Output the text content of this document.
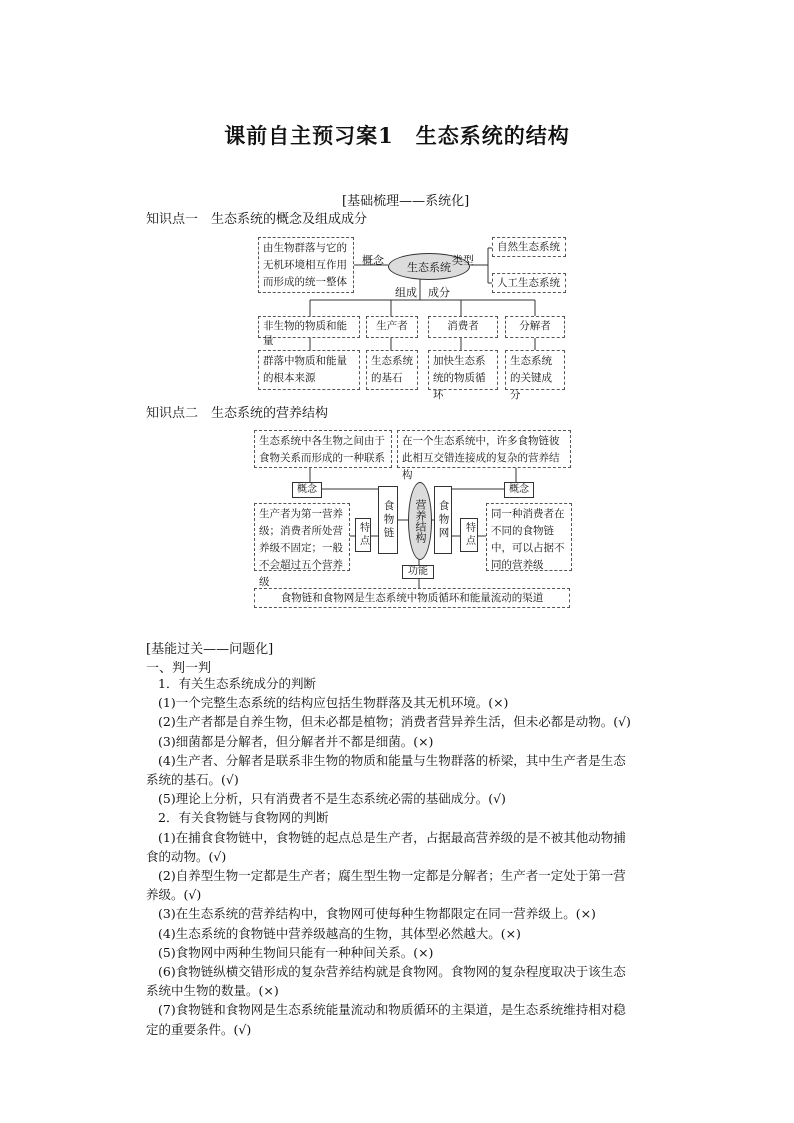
课前自主预习案1　生态系统的结构
[基础梳理——系统化]
知识点一　生态系统的概念及组成成分
由生物群落与它的无机环境相互作用而形成的统一整体
概念	生态系统 类型
自然生态系统
人工生态系统
组成　成分
非生物的物质和能量
生产者	消费者	分解者
群落中物质和能量的根本来源
生态系统的基石
加快生态系统的物质循环
生态系统的关键成分
知识点二　生态系统的营养结构
生态系统中各生物之间由于食物关系而形成的一种联系
在一个生态系统中，许多食物链彼此相互交错连接成的复杂的营养结构
概念	概念
生产者为第一营养级；消费者所处营养级不固定；一般不会超过五个营养级
特点	食物链	营养结构	食物网	特点
同一种消费者在不同的食物链中，可以占据不同的营养级
功能
食物链和食物网是生态系统中物质循环和能量流动的渠道
[基能过关——问题化]
一、判一判
1．有关生态系统成分的判断
(1)一个完整生态系统的结构应包括生物群落及其无机环境。(×)
(2)生产者都是自养生物，但未必都是植物；消费者营异养生活，但未必都是动物。(√)
(3)细菌都是分解者，但分解者并不都是细菌。(×)
(4)生产者、分解者是联系非生物的物质和能量与生物群落的桥梁，其中生产者是生态
系统的基石。(√)
(5)理论上分析，只有消费者不是生态系统必需的基础成分。(√)
2．有关食物链与食物网的判断
(1)在捕食食物链中，食物链的起点总是生产者，占据最高营养级的是不被其他动物捕
食的动物。(√)
(2)自养型生物一定都是生产者；腐生型生物一定都是分解者；生产者一定处于第一营
养级。(√)
(3)在生态系统的营养结构中，食物网可使每种生物都限定在同一营养级上。(×)
(4)生态系统的食物链中营养级越高的生物，其体型必然越大。(×)
(5)食物网中两种生物间只能有一种种间关系。(×)
(6)食物链纵横交错形成的复杂营养结构就是食物网。食物网的复杂程度取决于该生态
系统中生物的数量。(×)
(7)食物链和食物网是生态系统能量流动和物质循环的主渠道，是生态系统维持相对稳
定的重要条件。(√)
